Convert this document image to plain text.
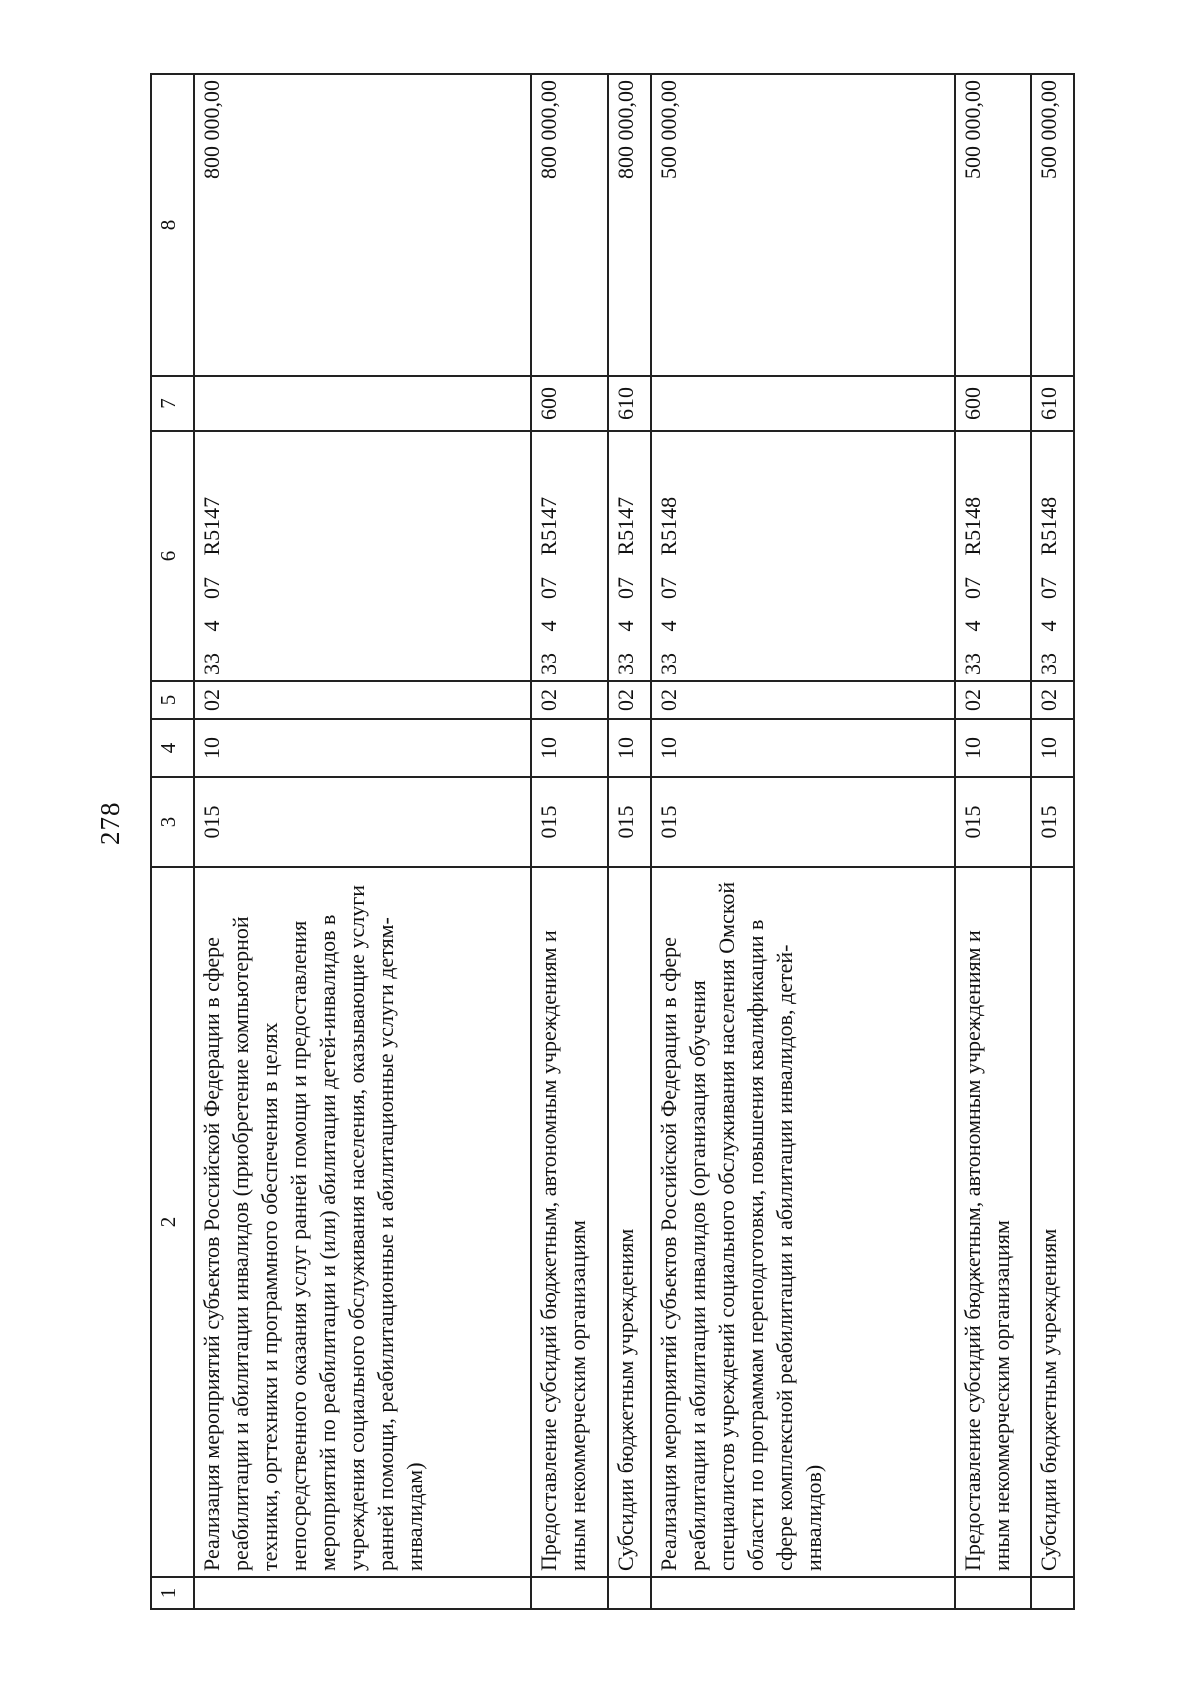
278
1	2	3	4	5	6	7	8
	Реализация мероприятий субъектов Российской Федерации в сфере реабилитации и абилитации инвалидов (приобретение компьютерной техники, оргтехники и программного обеспечения в целях непосредственного оказания услуг ранней помощи и предоставления мероприятий по реабилитации и (или) абилитации детей-инвалидов в учреждения социального обслуживания населения, оказывающие услуги ранней помощи, реабилитационные и абилитационные услуги детям-инвалидам)	015	10	02	33 4 07 R5147		800 000,00
	Предоставление субсидий бюджетным, автономным учреждениям и иным некоммерческим организациям	015	10	02	33 4 07 R5147	600	800 000,00
	Субсидии бюджетным учреждениям	015	10	02	33 4 07 R5147	610	800 000,00
	Реализация мероприятий субъектов Российской Федерации в сфере реабилитации и абилитации инвалидов (организация обучения специалистов учреждений социального обслуживания населения Омской области по программам переподготовки, повышения квалификации в сфере комплексной реабилитации и абилитации инвалидов, детей-инвалидов)	015	10	02	33 4 07 R5148		500 000,00
	Предоставление субсидий бюджетным, автономным учреждениям и иным некоммерческим организациям	015	10	02	33 4 07 R5148	600	500 000,00
	Субсидии бюджетным учреждениям	015	10	02	33 4 07 R5148	610	500 000,00
